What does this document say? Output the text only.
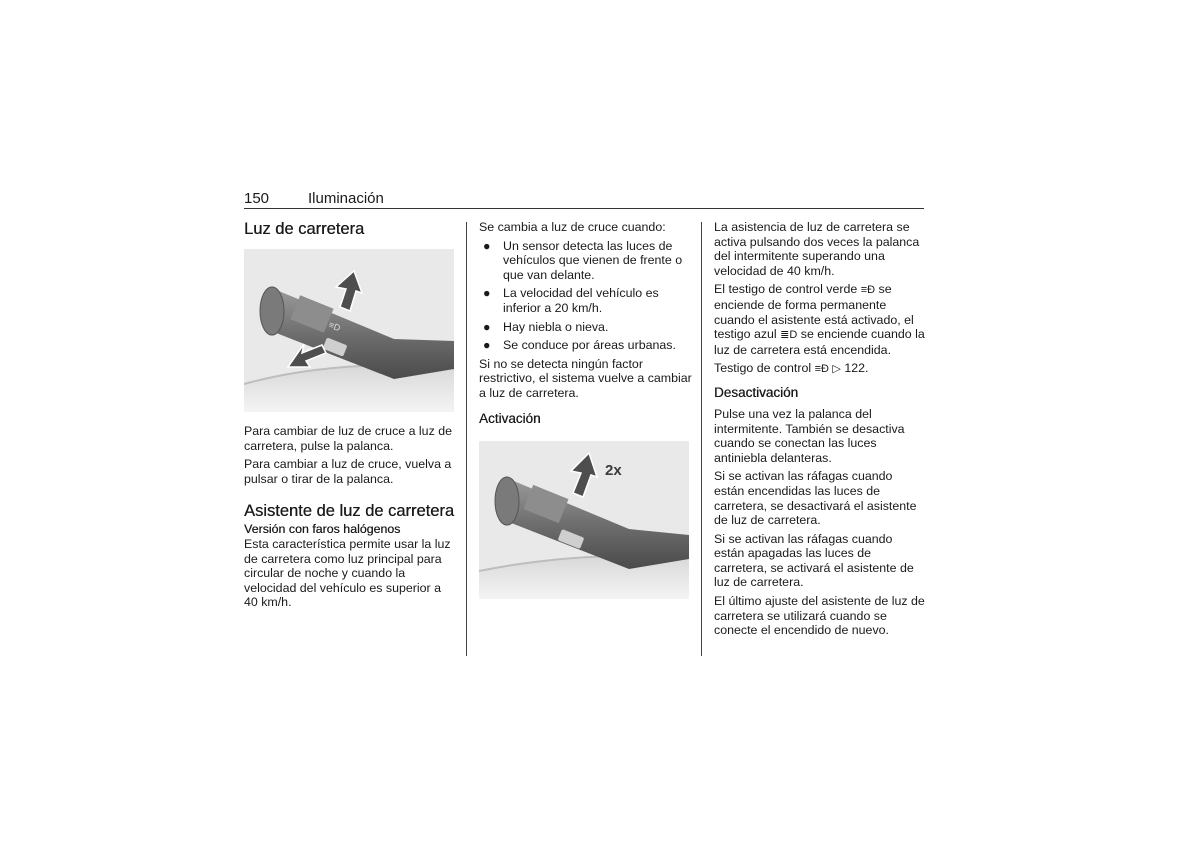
150	Iluminación
Luz de carretera
≡D

Para cambiar de luz de cruce a luz de carretera, pulse la palanca.

Para cambiar a luz de cruce, vuelva a pulsar o tirar de la palanca.

Asistente de luz de carretera
Versión con faros halógenos

Esta característica permite usar la luz de carretera como luz principal para circular de noche y cuando la velocidad del vehículo es superior a 40 km/h.

Se cambia a luz de cruce cuando:

● Un sensor detecta las luces de vehículos que vienen de frente o que van delante.
● La velocidad del vehículo es inferior a 20 km/h.
● Hay niebla o nieva.
● Se conduce por áreas urbanas.

Si no se detecta ningún factor restrictivo, el sistema vuelve a cambiar a luz de carretera.

Activación
2x

La asistencia de luz de carretera se activa pulsando dos veces la palanca del intermitente superando una velocidad de 40 km/h.

El testigo de control verde ≡Ð se enciende de forma permanente cuando el asistente está activado, el testigo azul ≣D se enciende cuando la luz de carretera está encendida.

Testigo de control ≡Ð ▷ 122.

Desactivación

Pulse una vez la palanca del intermitente. También se desactiva cuando se conectan las luces antiniebla delanteras.

Si se activan las ráfagas cuando están encendidas las luces de carretera, se desactivará el asistente de luz de carretera.

Si se activan las ráfagas cuando están apagadas las luces de carretera, se activará el asistente de luz de carretera.

El último ajuste del asistente de luz de carretera se utilizará cuando se conecte el encendido de nuevo.
